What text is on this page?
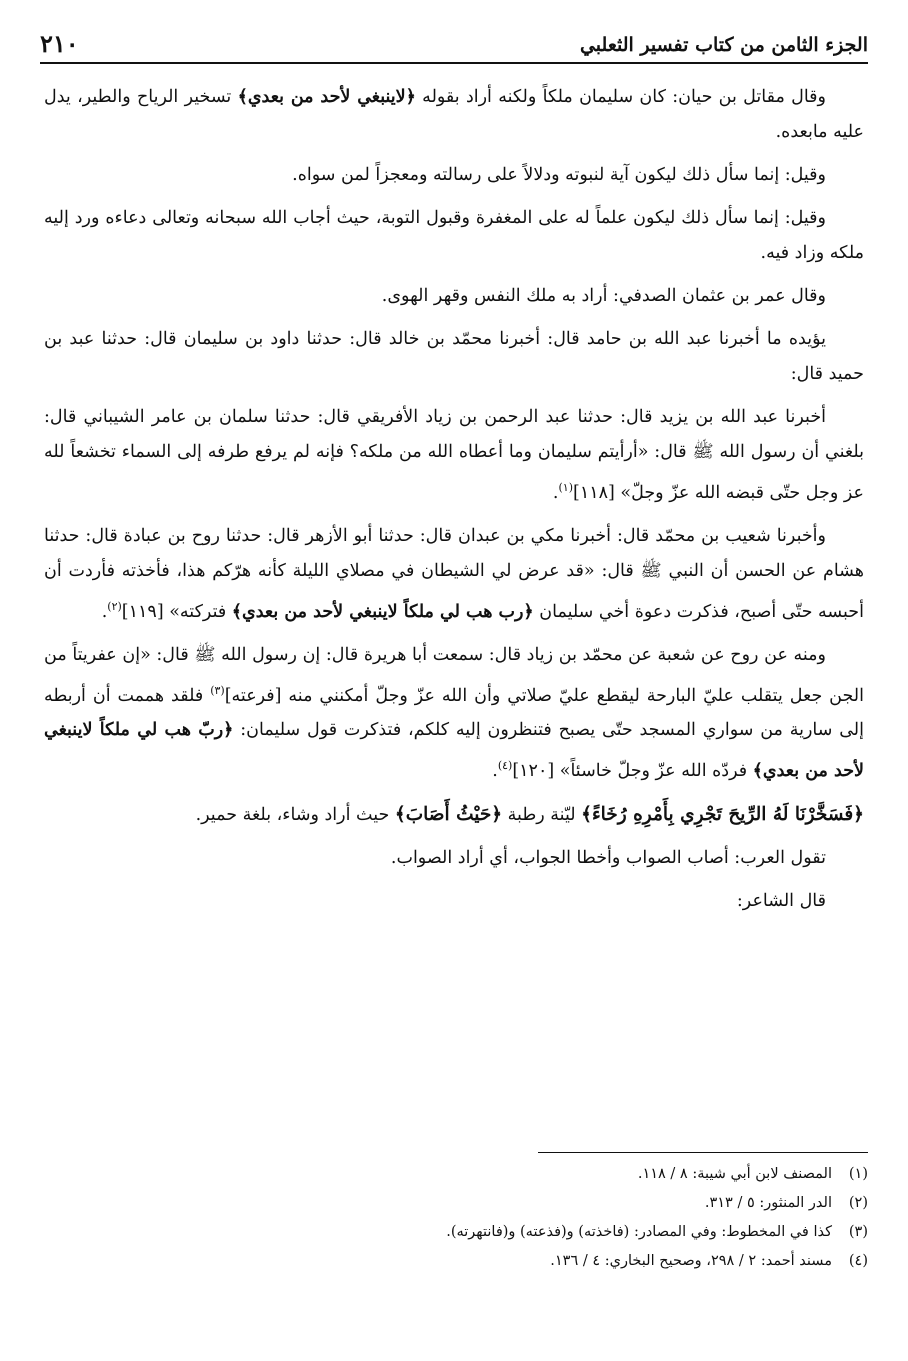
الجزء الثامن من كتاب تفسير الثعلبي
٢١٠

وقال مقاتل بن حيان: كان سليمان ملكاً ولكنه أراد بقوله ﴿لاينبغي لأحد من بعدي﴾ تسخير الرياح والطير، يدل عليه مابعده.

وقيل: إنما سأل ذلك ليكون آية لنبوته ودلالاً على رسالته ومعجزاً لمن سواه.

وقيل: إنما سأل ذلك ليكون علماً له على المغفرة وقبول التوبة، حيث أجاب الله سبحانه وتعالى دعاءه ورد إليه ملكه وزاد فيه.

وقال عمر بن عثمان الصدفي: أراد به ملك النفس وقهر الهوى.

يؤيده ما أخبرنا عبد الله بن حامد قال: أخبرنا محمّد بن خالد قال: حدثنا داود بن سليمان قال: حدثنا عبد بن حميد قال:

أخبرنا عبد الله بن يزيد قال: حدثنا عبد الرحمن بن زياد الأفريقي قال: حدثنا سلمان بن عامر الشيباني قال: بلغني أن رسول الله ﷺ قال: «أرأيتم سليمان وما أعطاه الله من ملكه؟ فإنه لم يرفع طرفه إلى السماء تخشعاً لله عز وجل حتّى قبضه الله عزّ وجلّ» [١١٨]$^{(١)}$.

وأخبرنا شعيب بن محمّد قال: أخبرنا مكي بن عبدان قال: حدثنا أبو الأزهر قال: حدثنا روح بن عبادة قال: حدثنا هشام عن الحسن أن النبي ﷺ قال: «قد عرض لي الشيطان في مصلاي الليلة كأنه هرّكم هذا، فأخذته فأردت أن أحبسه حتّى أصبح، فذكرت دعوة أخي سليمان ﴿رب هب لي ملكاً لاينبغي لأحد من بعدي﴾ فتركته» [١١٩]$^{(٢)}$.

ومنه عن روح عن شعبة عن محمّد بن زياد قال: سمعت أبا هريرة قال: إن رسول الله ﷺ قال: «إن عفريتاً من الجن جعل يتقلب عليّ البارحة ليقطع عليّ صلاتي وأن الله عزّ وجلّ أمكنني منه [فرعته]$^{(٣)}$ فلقد هممت أن أربطه إلى سارية من سواري المسجد حتّى يصبح فتنظرون إليه كلكم، فتذكرت قول سليمان: ﴿ربّ هب لي ملكاً لاينبغي لأحد من بعدي﴾ فردّه الله عزّ وجلّ خاسئاً» [١٢٠]$^{(٤)}$.

﴿فَسَخَّرْنَا لَهُ الرِّيحَ تَجْرِي بِأَمْرِهِ رُخَاءً﴾ ليّنة رطبة ﴿حَيْثُ أَصَابَ﴾ حيث أراد وشاء، بلغة حمير.

تقول العرب: أصاب الصواب وأخطا الجواب، أي أراد الصواب.

قال الشاعر:

(١)
المصنف لابن أبي شيبة: ٨ / ١١٨.
(٢)
الدر المنثور: ٥ / ٣١٣.
(٣)
كذا في المخطوط: وفي المصادر: (فاخذته) و(فذعته) و(فانتهرته).
(٤)
مسند أحمد: ٢ / ٢٩٨، وصحيح البخاري: ٤ / ١٣٦.
